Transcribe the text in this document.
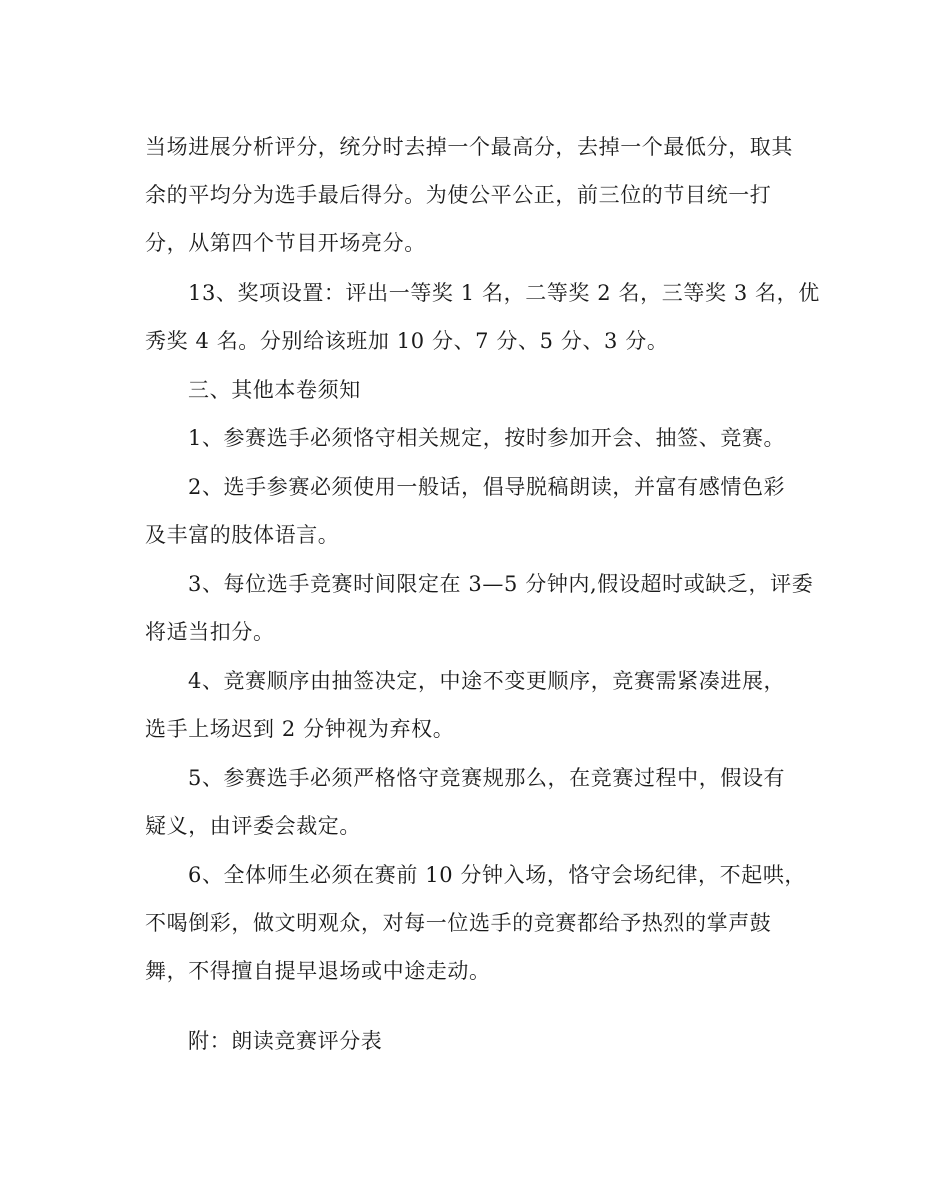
当场进展分析评分，统分时去掉一个最高分，去掉一个最低分，取其

余的平均分为选手最后得分。为使公平公正，前三位的节目统一打

分，从第四个节目开场亮分。

13、奖项设置：评出一等奖 1 名，二等奖 2 名，三等奖 3 名，优

秀奖 4 名。分别给该班加 10 分、7 分、5 分、3 分。

三、其他本卷须知

1、参赛选手必须恪守相关规定，按时参加开会、抽签、竞赛。

2、选手参赛必须使用一般话，倡导脱稿朗读，并富有感情色彩

及丰富的肢体语言。

3、每位选手竞赛时间限定在 3—5 分钟内,假设超时或缺乏，评委

将适当扣分。

4、竞赛顺序由抽签决定，中途不变更顺序，竞赛需紧凑进展，

选手上场迟到 2 分钟视为弃权。

5、参赛选手必须严格恪守竞赛规那么，在竞赛过程中，假设有

疑义，由评委会裁定。

6、全体师生必须在赛前 10 分钟入场，恪守会场纪律，不起哄，

不喝倒彩，做文明观众，对每一位选手的竞赛都给予热烈的掌声鼓

舞，不得擅自提早退场或中途走动。

附：朗读竞赛评分表
